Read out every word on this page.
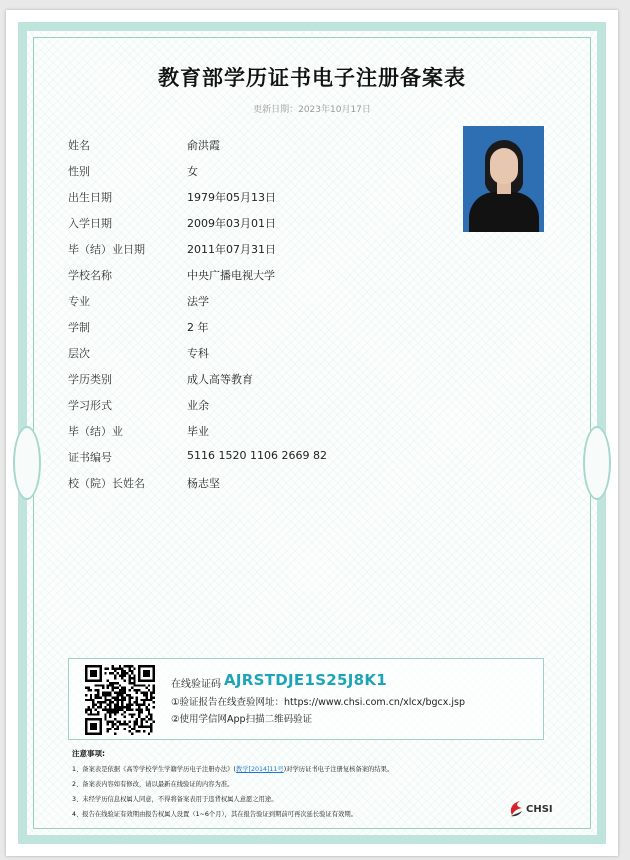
教育部学历证书电子注册备案表
更新日期：2023年10月17日
姓名	俞洪霞
性别	女
出生日期	1979年05月13日
入学日期	2009年03月01日
毕（结）业日期	2011年07月31日
学校名称	中央广播电视大学
专业	法学
学制	2 年
层次	专科
学历类别	成人高等教育
学习形式	业余
毕（结）业	毕业
证书编号	5116 1520 1106 2669 82
校（院）长姓名	杨志坚
在线验证码 AJRSTDJE1S25J8K1
①验证报告在线查验网址：https://www.chsi.com.cn/xlcx/bgcx.jsp
②使用学信网App扫描二维码验证
注意事项:
1、备案表是依据《高等学校学生学籍学历电子注册办法》(教学[2014]11号)对学历证书电子注册复核备案的结果。
2、备案表内容如有修改，请以最新在线验证的内容为准。
3、未经学历信息权属人同意，不得将备案表用于违背权属人意愿之用途。
4、报告在线验证有效期由报告权属人设置（1~6个月），其在报告验证到期前可再次延长验证有效期。	CHSI
